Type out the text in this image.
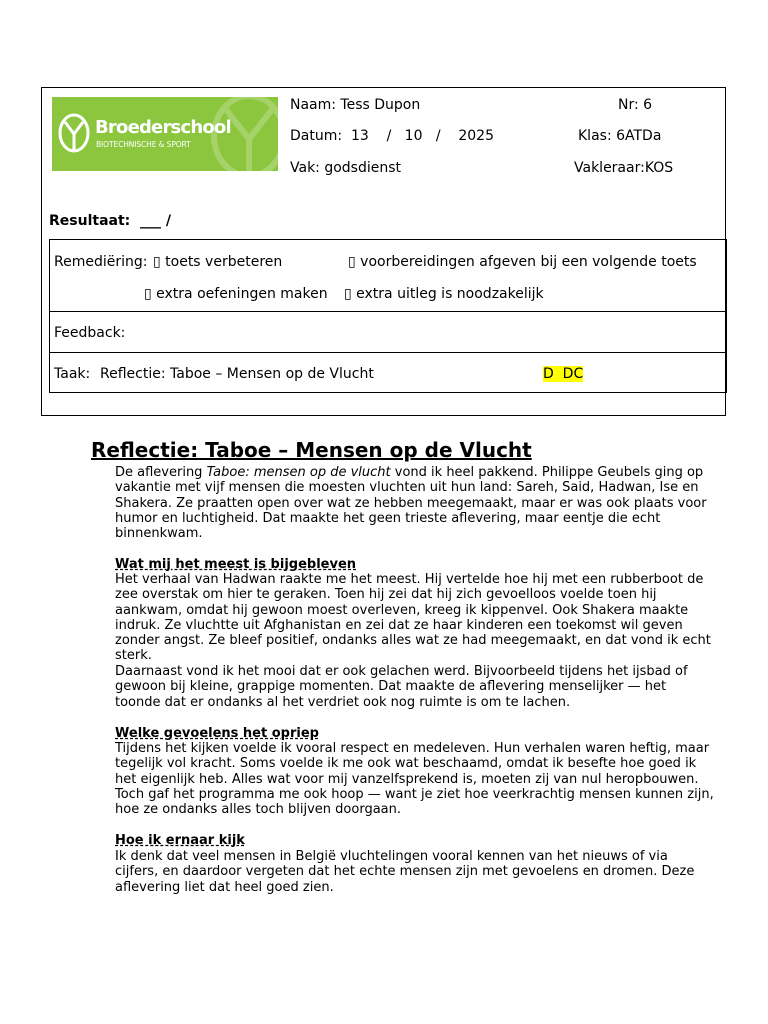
Broederschool
BIOTECHNISCHE & SPORT
Naam: Tess Dupon	Nr: 6
Datum:  13    /   10   /    2025	Klas: 6ATDa
Vak: godsdienst	Vakleraar:KOS
Resultaat:  ___ /
Remediëring: ▯ toets verbeteren	▯ voorbereidingen afgeven bij een volgende toets
▯ extra oefeningen maken ▯ extra uitleg is noodzakelijk
Feedback:
Taak: Reflectie: Taboe – Mensen op de Vlucht	D  DC
Reflectie: Taboe – Mensen op de Vlucht

De aflevering Taboe: mensen op de vlucht vond ik heel pakkend. Philippe Geubels ging op vakantie met vijf mensen die moesten vluchten uit hun land: Sareh, Said, Hadwan, Ise en Shakera. Ze praatten open over wat ze hebben meegemaakt, maar er was ook plaats voor humor en luchtigheid. Dat maakte het geen trieste aflevering, maar eentje die echt binnenkwam.

Wat mij het meest is bijgebleven

Het verhaal van Hadwan raakte me het meest. Hij vertelde hoe hij met een rubberboot de zee overstak om hier te geraken. Toen hij zei dat hij zich gevoelloos voelde toen hij aankwam, omdat hij gewoon moest overleven, kreeg ik kippenvel. Ook Shakera maakte indruk. Ze vluchtte uit Afghanistan en zei dat ze haar kinderen een toekomst wil geven zonder angst. Ze bleef positief, ondanks alles wat ze had meegemaakt, en dat vond ik echt sterk.

Daarnaast vond ik het mooi dat er ook gelachen werd. Bijvoorbeeld tijdens het ijsbad of gewoon bij kleine, grappige momenten. Dat maakte de aflevering menselijker — het toonde dat er ondanks al het verdriet ook nog ruimte is om te lachen.

Welke gevoelens het opriep

Tijdens het kijken voelde ik vooral respect en medeleven. Hun verhalen waren heftig, maar tegelijk vol kracht. Soms voelde ik me ook wat beschaamd, omdat ik besefte hoe goed ik het eigenlijk heb. Alles wat voor mij vanzelfsprekend is, moeten zij van nul heropbouwen. Toch gaf het programma me ook hoop — want je ziet hoe veerkrachtig mensen kunnen zijn, hoe ze ondanks alles toch blijven doorgaan.

Hoe ik ernaar kijk

Ik denk dat veel mensen in België vluchtelingen vooral kennen van het nieuws of via cijfers, en daardoor vergeten dat het echte mensen zijn met gevoelens en dromen. Deze aflevering liet dat heel goed zien.
